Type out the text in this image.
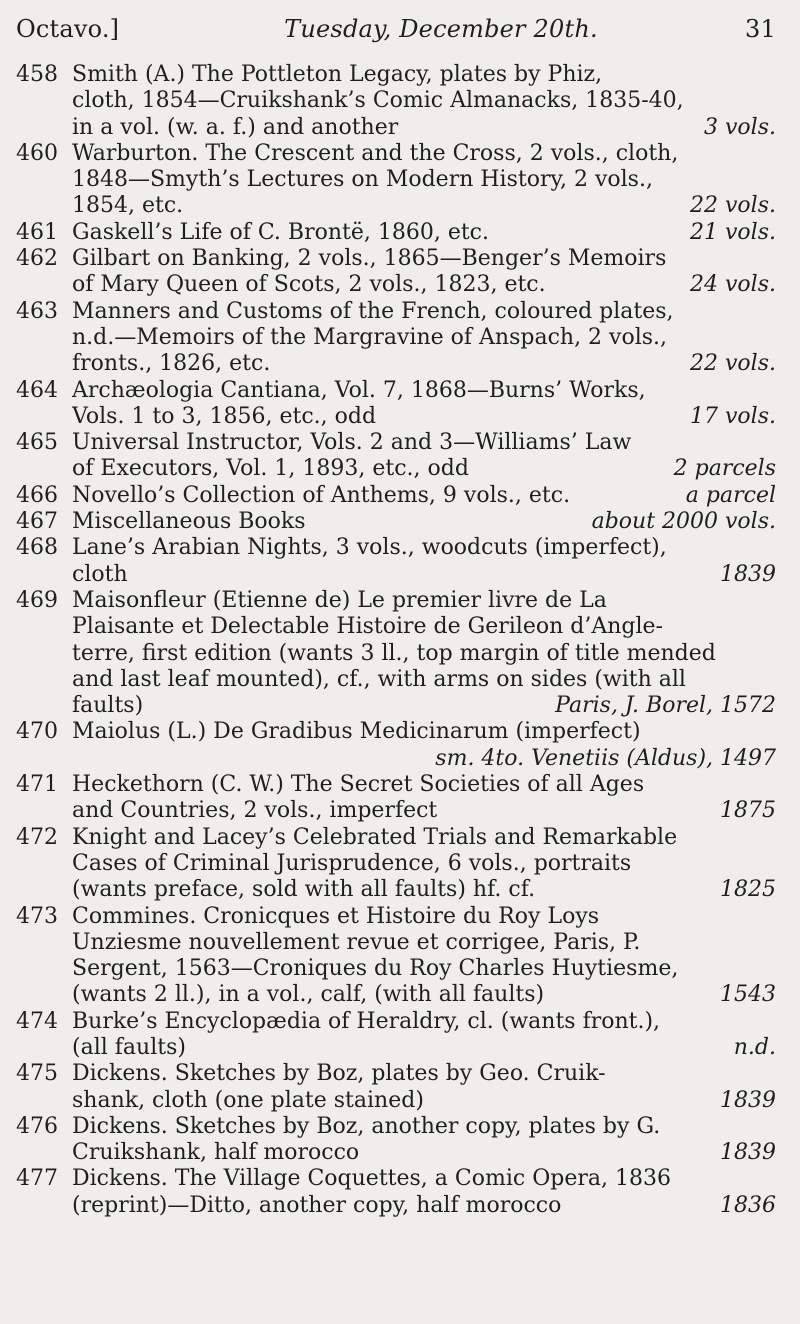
Octavo.]	Tuesday, December 20th.	31
458 Smith (A.) The Pottleton Legacy, plates by Phiz,
cloth, 1854—Cruikshank’s Comic Almanacks, 1835-40,
in a vol. (w. a. f.) and another	3 vols.
460 Warburton. The Crescent and the Cross, 2 vols., cloth,
1848—Smyth’s Lectures on Modern History, 2 vols.,
1854, etc.	22 vols.
461 Gaskell’s Life of C. Brontë, 1860, etc.	21 vols.
462 Gilbart on Banking, 2 vols., 1865—Benger’s Memoirs
of Mary Queen of Scots, 2 vols., 1823, etc.	24 vols.
463 Manners and Customs of the French, coloured plates,
n.d.—Memoirs of the Margravine of Anspach, 2 vols.,
fronts., 1826, etc.	22 vols.
464 Archæologia Cantiana, Vol. 7, 1868—Burns’ Works,
Vols. 1 to 3, 1856, etc., odd	17 vols.
465 Universal Instructor, Vols. 2 and 3—Williams’ Law
of Executors, Vol. 1, 1893, etc., odd	2 parcels
466 Novello’s Collection of Anthems, 9 vols., etc.	a parcel
467 Miscellaneous Books	about 2000 vols.
468 Lane’s Arabian Nights, 3 vols., woodcuts (imperfect),
cloth	1839
469 Maisonfleur (Etienne de) Le premier livre de La
Plaisante et Delectable Histoire de Gerileon d’Angle-
terre, first edition (wants 3 ll., top margin of title mended
and last leaf mounted), cf., with arms on sides (with all
faults)	Paris, J. Borel, 1572
470 Maiolus (L.) De Gradibus Medicinarum (imperfect)
sm. 4to. Venetiis (Aldus), 1497
471 Heckethorn (C. W.) The Secret Societies of all Ages
and Countries, 2 vols., imperfect	1875
472 Knight and Lacey’s Celebrated Trials and Remarkable
Cases of Criminal Jurisprudence, 6 vols., portraits
(wants preface, sold with all faults) hf. cf.	1825
473 Commines. Cronicques et Histoire du Roy Loys
Unziesme nouvellement revue et corrigee, Paris, P.
Sergent, 1563—Croniques du Roy Charles Huytiesme,
(wants 2 ll.), in a vol., calf, (with all faults)	1543
474 Burke’s Encyclopædia of Heraldry, cl. (wants front.),
(all faults)	n.d.
475 Dickens. Sketches by Boz, plates by Geo. Cruik-
shank, cloth (one plate stained)	1839
476 Dickens. Sketches by Boz, another copy, plates by G.
Cruikshank, half morocco	1839
477 Dickens. The Village Coquettes, a Comic Opera, 1836
(reprint)—Ditto, another copy, half morocco	1836
